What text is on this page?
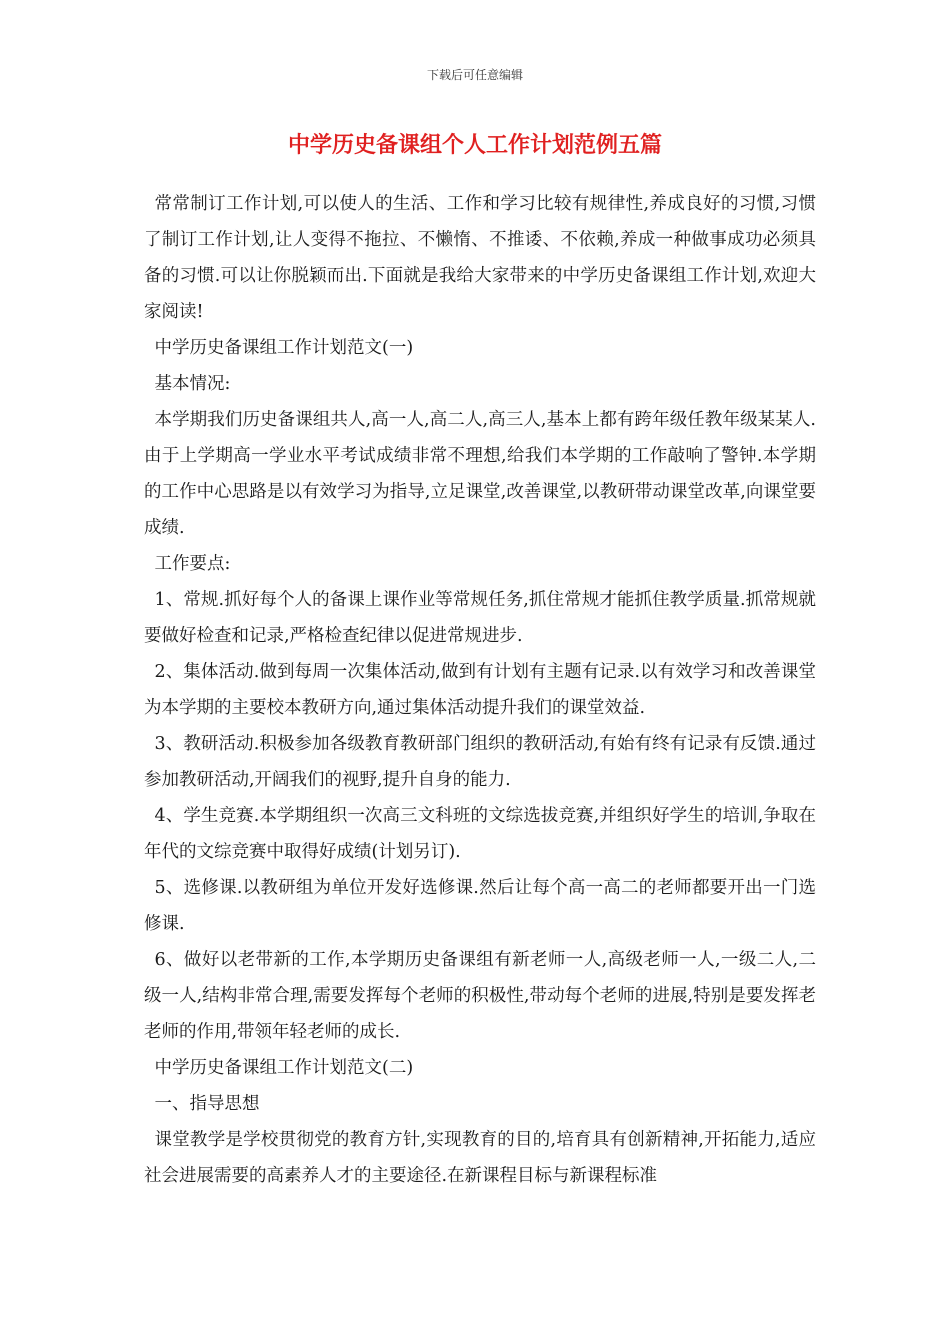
下载后可任意编辑
中学历史备课组个人工作计划范例五篇

常常制订工作计划,可以使人的生活、工作和学习比较有规律性,养成良好的习惯,习惯了制订工作计划,让人变得不拖拉、不懒惰、不推诿、不依赖,养成一种做事成功必须具备的习惯.可以让你脱颖而出.下面就是我给大家带来的中学历史备课组工作计划,欢迎大家阅读!

中学历史备课组工作计划范文(一)

基本情况:

本学期我们历史备课组共人,高一人,高二人,高三人,基本上都有跨年级任教年级某某人.由于上学期高一学业水平考试成绩非常不理想,给我们本学期的工作敲响了警钟.本学期的工作中心思路是以有效学习为指导,立足课堂,改善课堂,以教研带动课堂改革,向课堂要成绩.

工作要点:

1、常规.抓好每个人的备课上课作业等常规任务,抓住常规才能抓住教学质量.抓常规就要做好检查和记录,严格检查纪律以促进常规进步.

2、集体活动.做到每周一次集体活动,做到有计划有主题有记录.以有效学习和改善课堂为本学期的主要校本教研方向,通过集体活动提升我们的课堂效益.

3、教研活动.积极参加各级教育教研部门组织的教研活动,有始有终有记录有反馈.通过参加教研活动,开阔我们的视野,提升自身的能力.

4、学生竞赛.本学期组织一次高三文科班的文综选拔竞赛,并组织好学生的培训,争取在年代的文综竞赛中取得好成绩(计划另订).

5、选修课.以教研组为单位开发好选修课.然后让每个高一高二的老师都要开出一门选修课.

6、做好以老带新的工作,本学期历史备课组有新老师一人,高级老师一人,一级二人,二级一人,结构非常合理,需要发挥每个老师的积极性,带动每个老师的进展,特别是要发挥老老师的作用,带领年轻老师的成长.

中学历史备课组工作计划范文(二)

一、指导思想

课堂教学是学校贯彻党的教育方针,实现教育的目的,培育具有创新精神,开拓能力,适应社会进展需要的高素养人才的主要途径.在新课程目标与新课程标准
